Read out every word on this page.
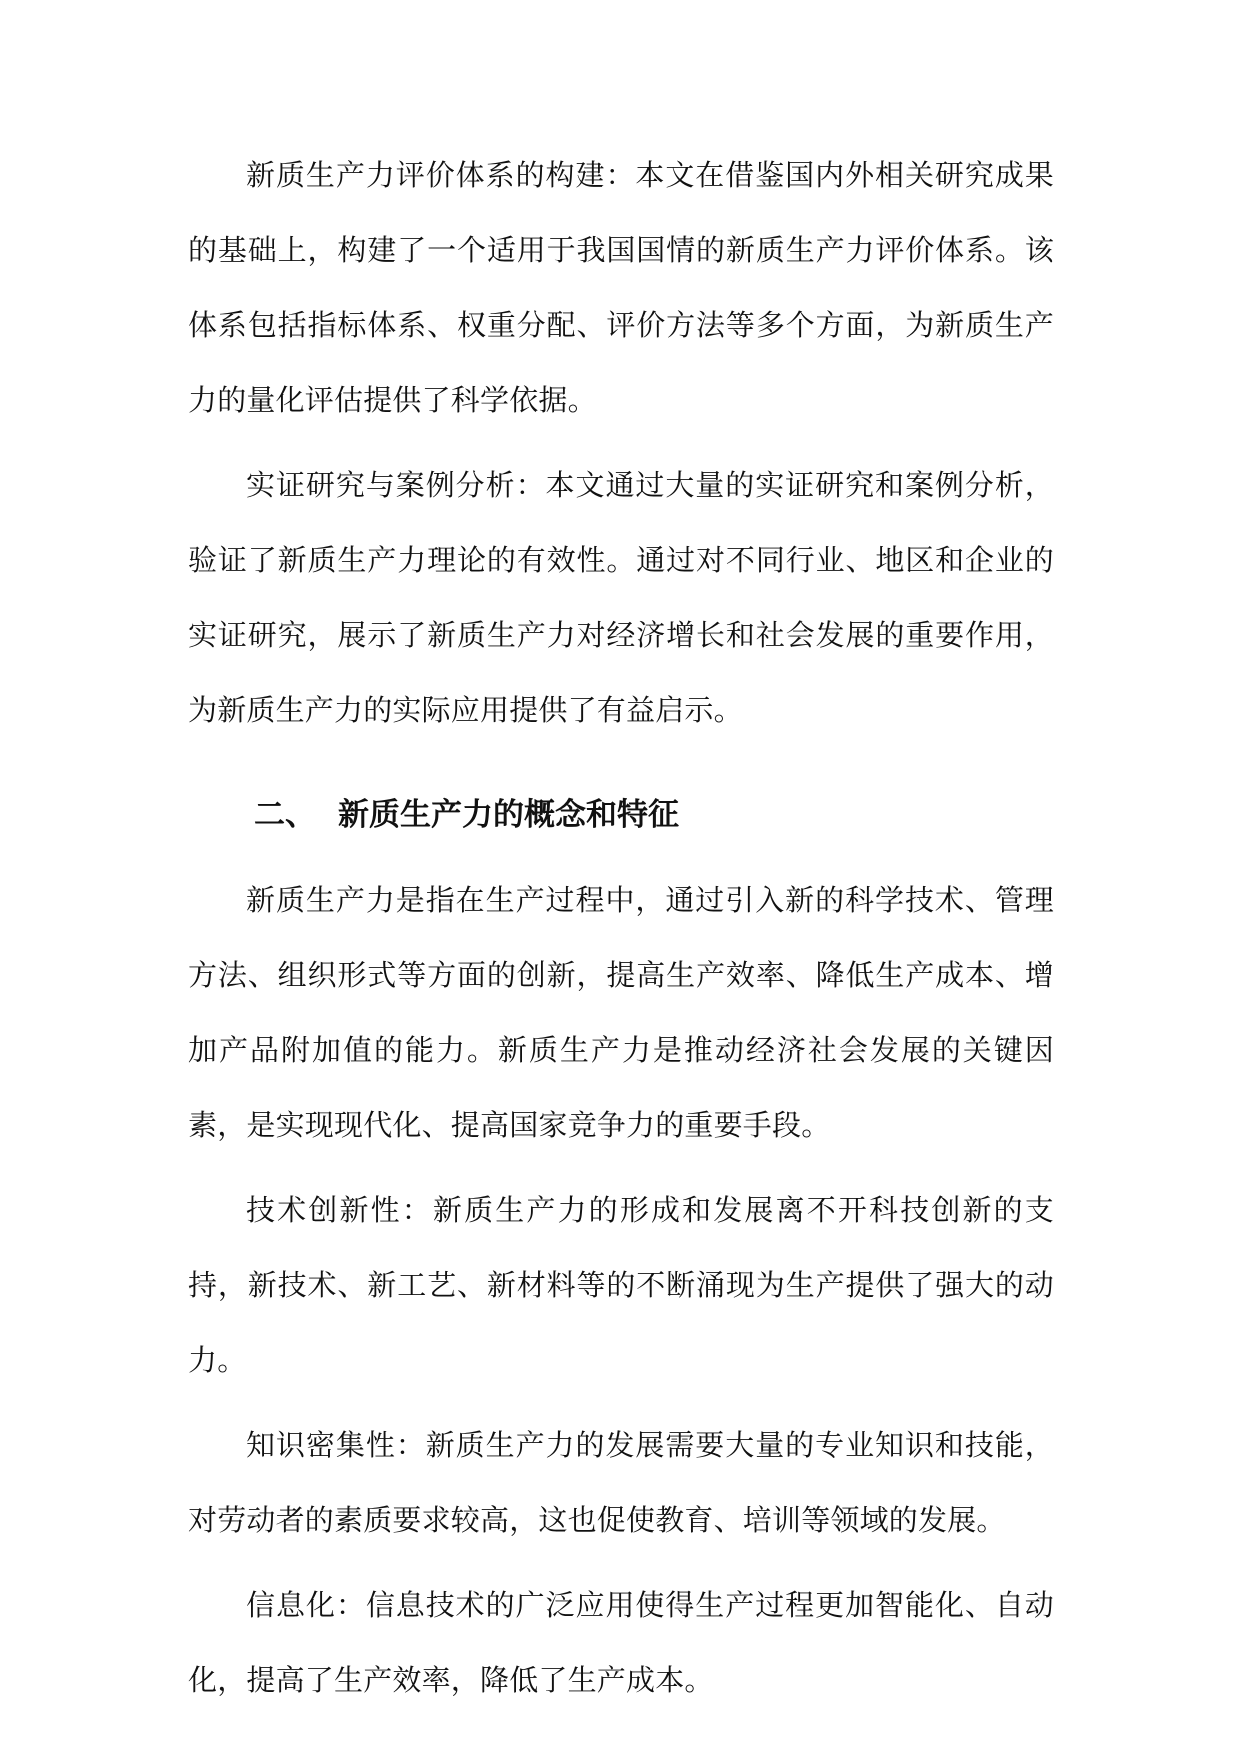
新质生产力评价体系的构建：本文在借鉴国内外相关研究成果的基础上，构建了一个适用于我国国情的新质生产力评价体系。该体系包括指标体系、权重分配、评价方法等多个方面，为新质生产力的量化评估提供了科学依据。

实证研究与案例分析：本文通过大量的实证研究和案例分析，验证了新质生产力理论的有效性。通过对不同行业、地区和企业的实证研究，展示了新质生产力对经济增长和社会发展的重要作用，为新质生产力的实际应用提供了有益启示。

二、 新质生产力的概念和特征

新质生产力是指在生产过程中，通过引入新的科学技术、管理方法、组织形式等方面的创新，提高生产效率、降低生产成本、增加产品附加值的能力。新质生产力是推动经济社会发展的关键因素，是实现现代化、提高国家竞争力的重要手段。

技术创新性：新质生产力的形成和发展离不开科技创新的支持，新技术、新工艺、新材料等的不断涌现为生产提供了强大的动力。

知识密集性：新质生产力的发展需要大量的专业知识和技能，对劳动者的素质要求较高，这也促使教育、培训等领域的发展。

信息化：信息技术的广泛应用使得生产过程更加智能化、自动化，提高了生产效率，降低了生产成本。
